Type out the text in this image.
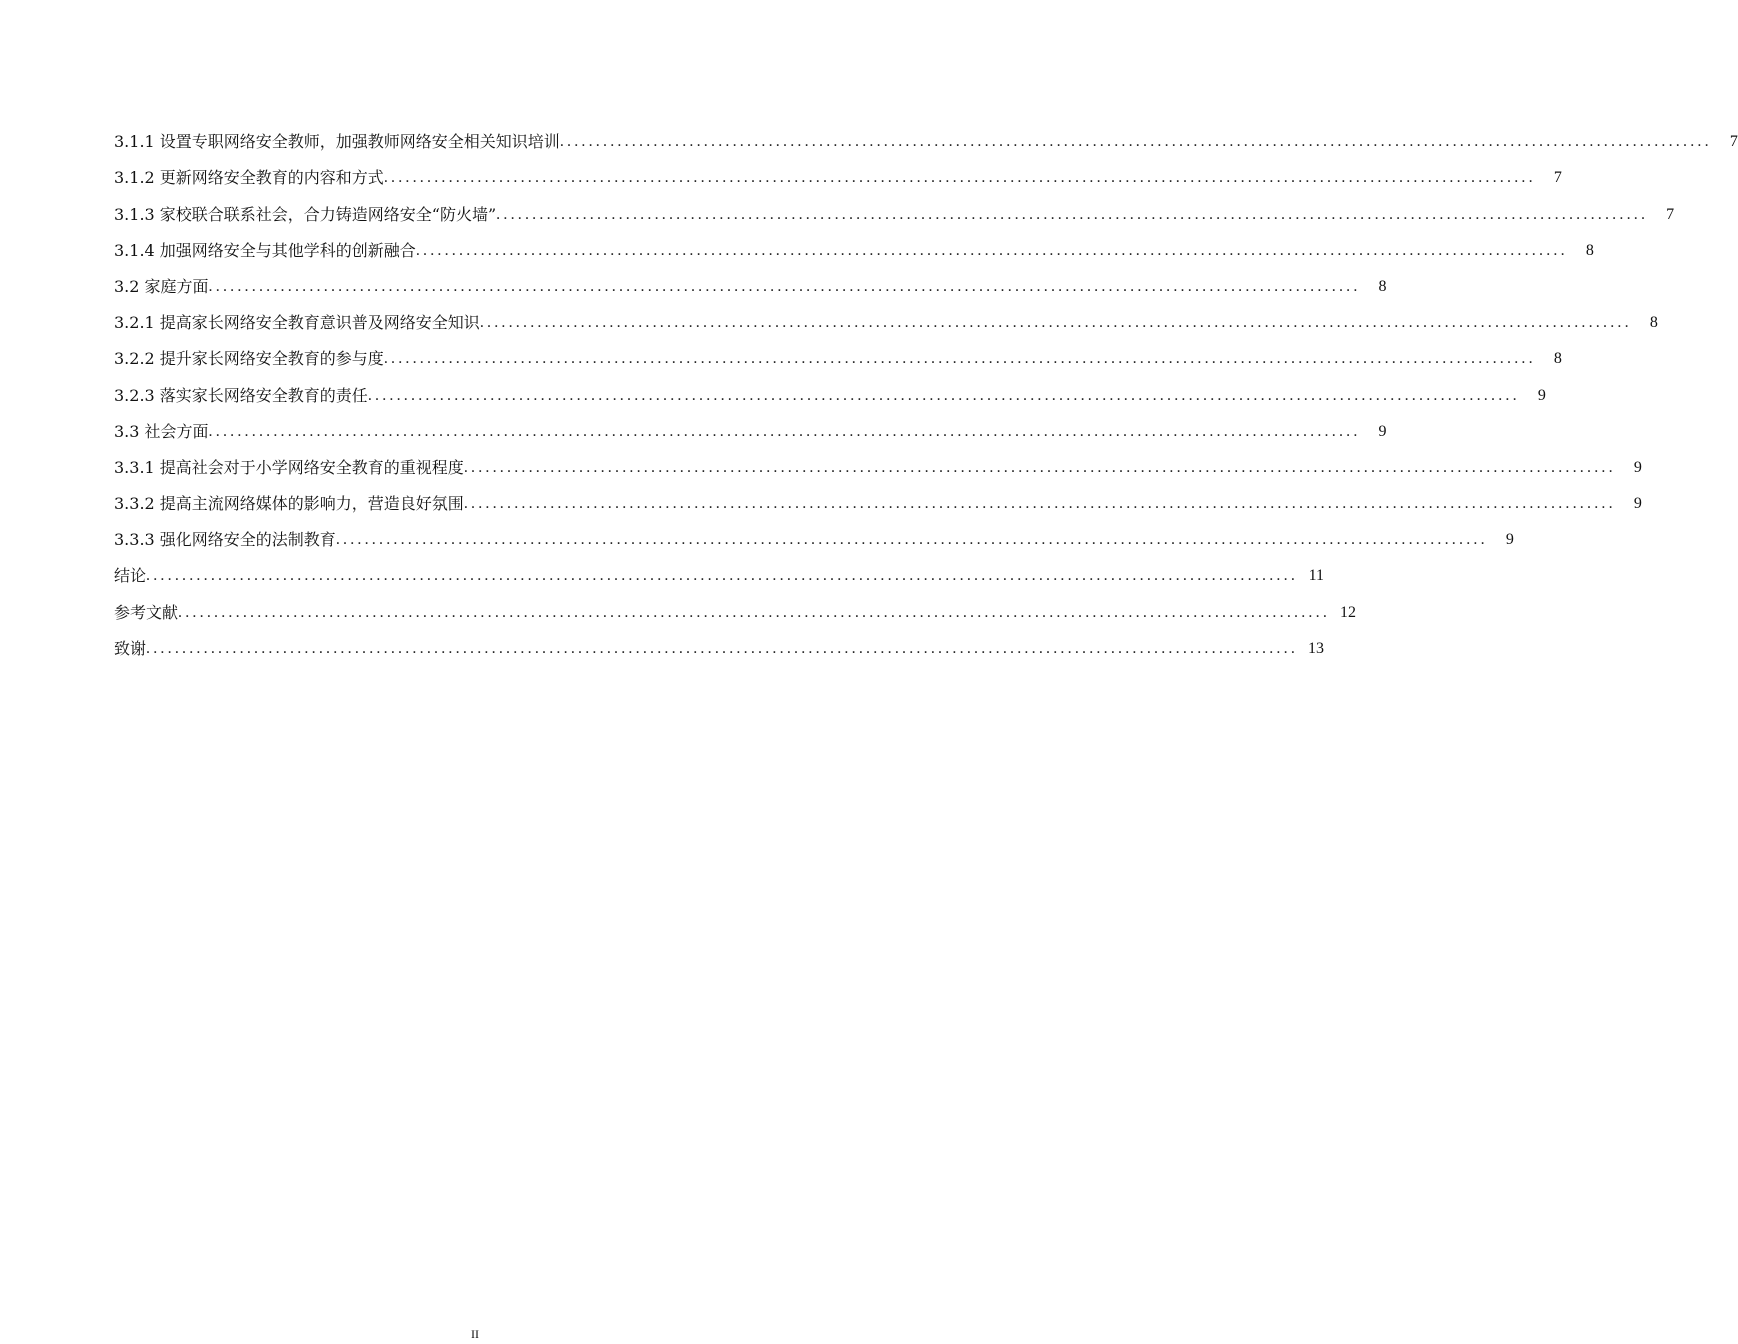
3.1.1 设置专职网络安全教师，加强教师网络安全相关知识培训 ................................................................................................................................................................	7
3.1.2 更新网络安全教育的内容和方式 ................................................................................................................................................................	7
3.1.3 家校联合联系社会，合力铸造网络安全“防火墙” ................................................................................................................................................................	7
3.1.4 加强网络安全与其他学科的创新融合 ................................................................................................................................................................	8
3.2 家庭方面 ................................................................................................................................................................	8
3.2.1 提高家长网络安全教育意识普及网络安全知识 ................................................................................................................................................................	8
3.2.2 提升家长网络安全教育的参与度 ................................................................................................................................................................	8
3.2.3 落实家长网络安全教育的责任 ................................................................................................................................................................	9
3.3 社会方面 ................................................................................................................................................................	9
3.3.1 提高社会对于小学网络安全教育的重视程度 ................................................................................................................................................................	9
3.3.2 提高主流网络媒体的影响力，营造良好氛围 ................................................................................................................................................................	9
3.3.3 强化网络安全的法制教育 ................................................................................................................................................................	9
结论 ................................................................................................................................................................ 11
参考文献 ................................................................................................................................................................ 12
致谢 ................................................................................................................................................................ 13
II
